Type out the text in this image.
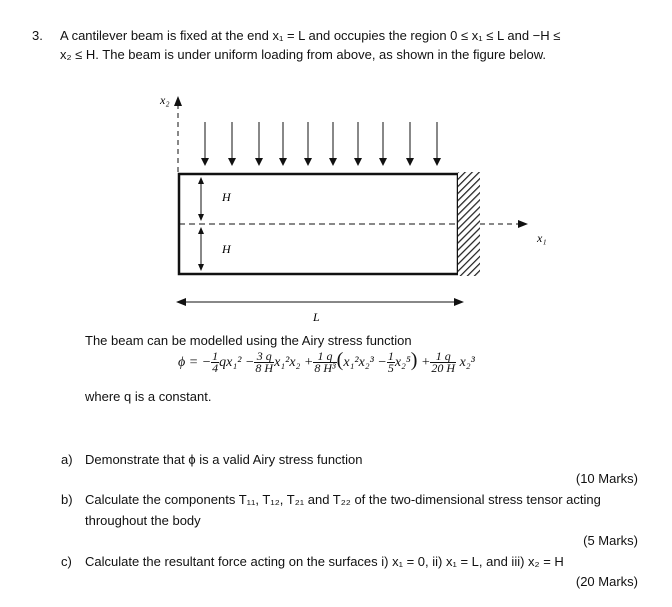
3. A cantilever beam is fixed at the end x₁ = L and occupies the region 0 ≤ x₁ ≤ L and −H ≤
x₂ ≤ H. The beam is under uniform loading from above, as shown in the figure below.
x₂
x₁
H
H
L
The beam can be modelled using the Airy stress function
ϕ = − $\frac{1}{4} qx_1^2 - \frac{3 q}{8 H} x_1^2x_2 + \frac{1 q}{\text{8 H³}} (x_1^2x_2^3 - \frac{1}{5} x_2^5) + \frac{1 q}{20 H} x_2^3$
where q is a constant.
a) Demonstrate that ϕ is a valid Airy stress function
(10 Marks)
b) Calculate the components T₁₁, T₁₂, T₂₁ and T₂₂ of the two-dimensional stress tensor acting
throughout the body
(5 Marks)
c) Calculate the resultant force acting on the surfaces i) x₁ = 0, ii) x₁ = L, and iii) x₂ = H
(20 Marks)
